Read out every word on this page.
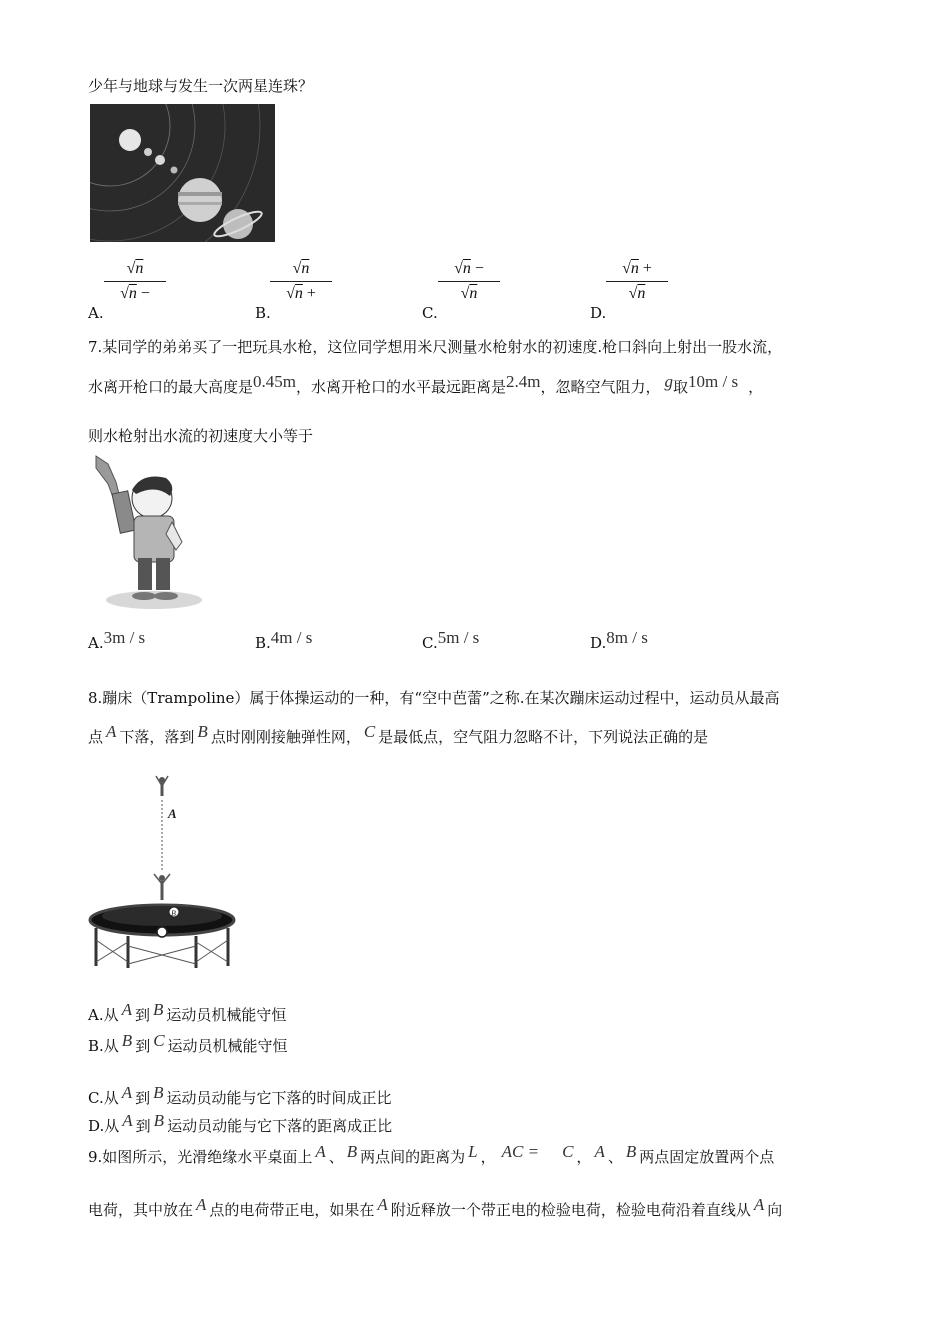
少年与地球与发生一次两星连珠？
A.
√n
√n −
B.
√n
√n +
C.
√n −
√n
D.
√n +
√n
7.某同学的弟弟买了一把玩具水枪，这位同学想用米尺测量水枪射水的初速度.枪口斜向上射出一股水流，
水离开枪口的最大高度是0.45m，水离开枪口的水平最远距离是2.4m，忽略空气阻力， g取10m / s ，
则水枪射出水流的初速度大小等于
A.3m / s	B.4m / s	C.5m / s	D.8m / s
8.蹦床（Trampoline）属于体操运动的一种，有“空中芭蕾”之称.在某次蹦床运动过程中，运动员从最高
点 A 下落，落到 B 点时刚刚接触弹性网， C 是最低点，空气阻力忽略不计，下列说法正确的是
A
B
A.从 A 到 B 运动员机械能守恒
B.从 B 到 C 运动员机械能守恒
C.从 A 到 B 运动员动能与它下落的时间成正比
D.从 A 到 B 运动员动能与它下落的距离成正比
9.如图所示，光滑绝缘水平桌面上 A 、 B 两点间的距离为 L ， AC = C ， A 、 B 两点固定放置两个点
电荷，其中放在 A 点的电荷带正电，如果在 A 附近释放一个带正电的检验电荷，检验电荷沿着直线从 A 向
